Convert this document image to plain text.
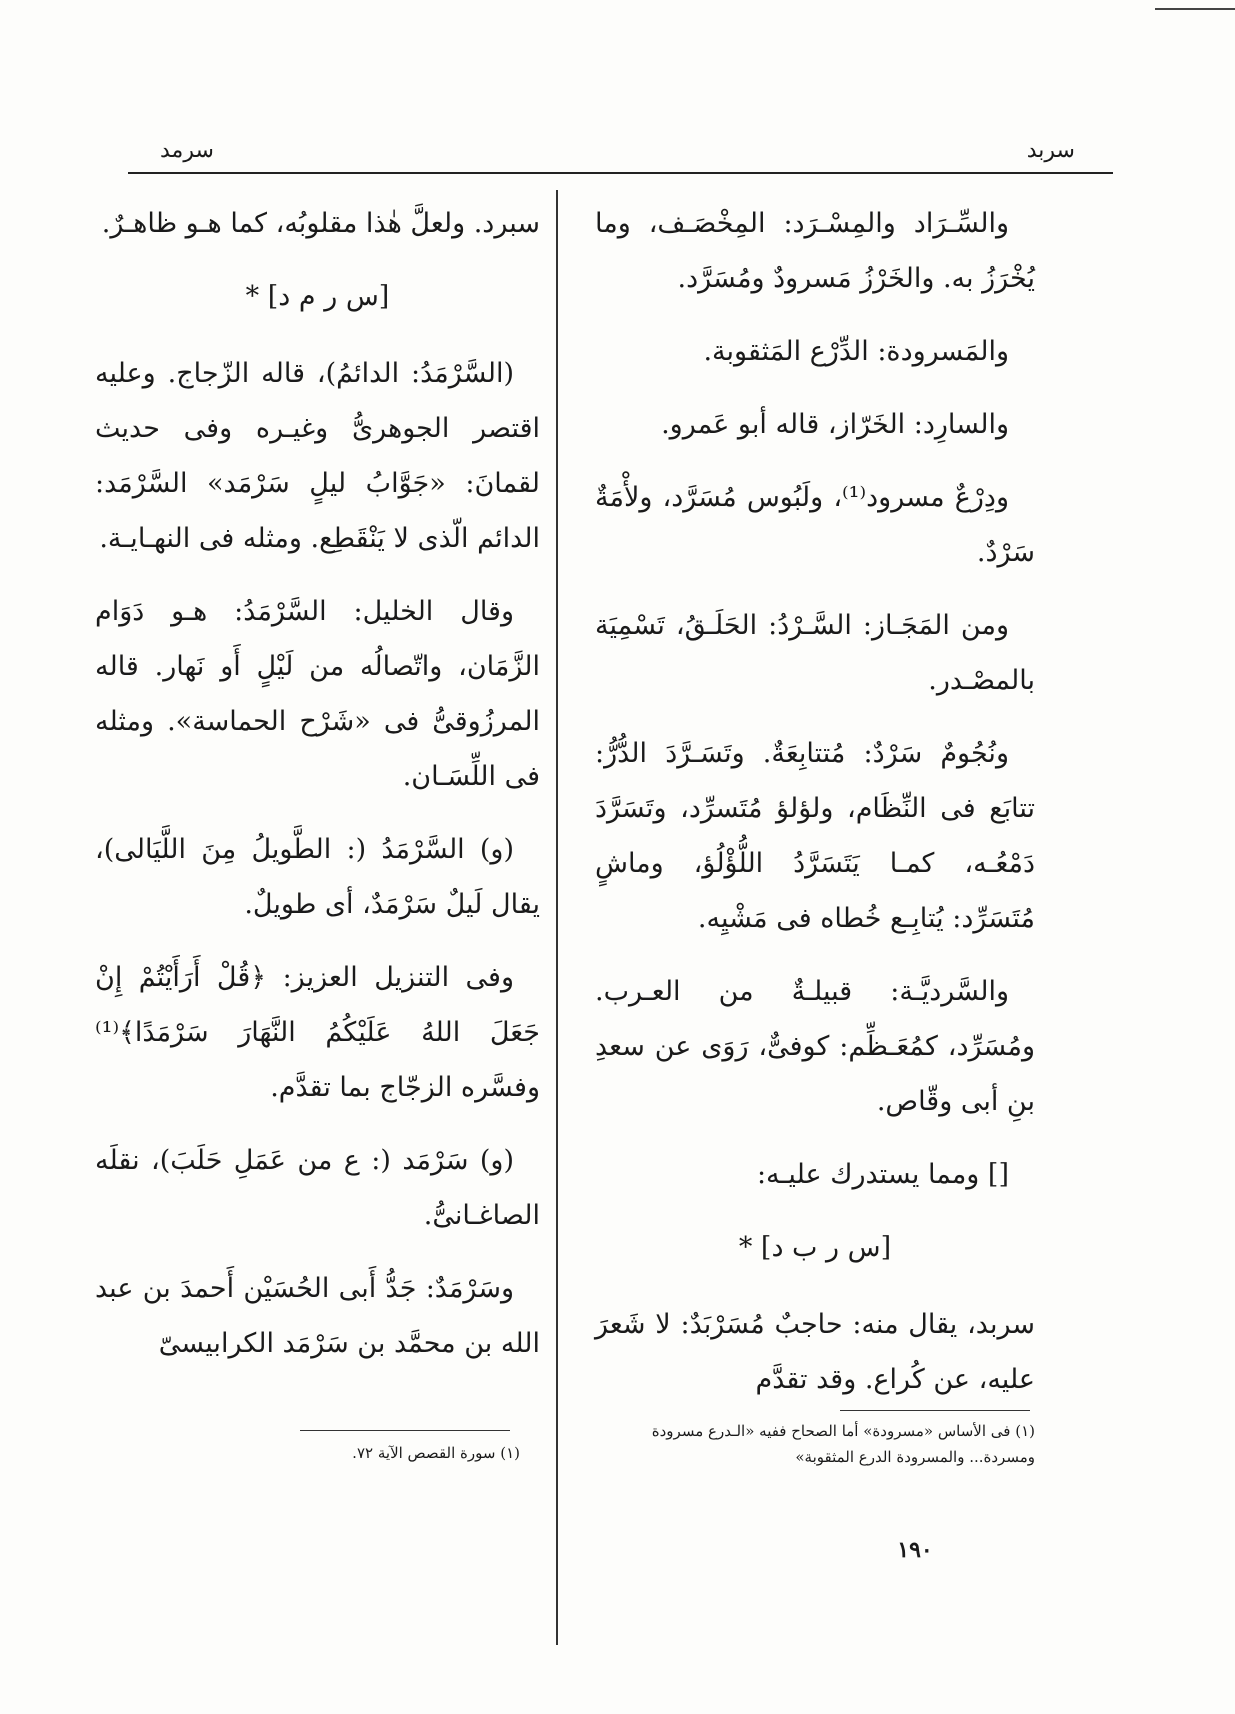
سربد
سرمد

والسِّـرَاد والمِسْـرَد: المِخْصَـف، وما يُخْرَزُ به. والخَرْزُ مَسرودٌ ومُسَرَّد.

والمَسرودة: الدِّرْع المَثقوبة.

والسارِد: الخَرّاز، قاله أبو عَمرو.

ودِرْعٌ مسرود⁽¹⁾، ولَبُوس مُسَرَّد، ولأْمَةٌ سَرْدٌ.

ومن المَجَـاز: السَّـرْدُ: الحَلَـقُ، تَسْمِيَة بالمصْـدر.

ونُجُومٌ سَرْدٌ: مُتتابِعَةٌ. وتَسَـرَّدَ الدُّرُّ: تتابَع فى النِّظَام، ولؤلؤ مُتَسرِّد، وتَسَرَّدَ دَمْعُـه، كمـا يَتَسَرَّدُ اللُّؤْلُؤ، وماشٍ مُتَسَرِّد: يُتابِـع خُطاه فى مَشْيِه.

والسَّرديَّـة: قبيلـةٌ من العـرب. ومُسَرِّد، كمُعَـظِّم: كوفىٌّ، رَوَى عن سعدِ بنِ أبى وقّاص.

[] ومما يستدرك عليـه:

[س ر ب د] *

سربد، يقال منه: حاجبٌ مُسَرْبَدٌ: لا شَعرَ عليه، عن كُراع. وقد تقدَّم

سبرد. ولعلَّ هٰذا مقلوبُه، كما هـو ظاهـرٌ.

[س ر م د] *

(السَّرْمَدُ: الدائمُ)، قاله الزّجاج. وعليه اقتصر الجوهرىُّ وغيـره وفى حديث لقمانَ: «جَوَّابُ ليلٍ سَرْمَد» السَّرْمَد: الدائم الّذى لا يَنْقَطِع. ومثله فى النهـايـة.

وقال الخليل: السَّرْمَدُ: هـو دَوَام الزَّمَان، واتّصالُه من لَيْلٍ أَو نَهار. قاله المرزُوقىُّ فى «شَرْح الحماسة». ومثله فى اللِّسَـان.

(و) السَّرْمَدُ (: الطَّويلُ مِنَ اللَّيَالى)، يقال لَيلٌ سَرْمَدٌ، أى طويلٌ.

وفى التنزيل العزيز: ﴿قُلْ أَرَأَيْتُمْ إِنْ جَعَلَ اللهُ عَلَيْكُمُ النَّهَارَ سَرْمَدًا﴾⁽¹⁾ وفسَّره الزجّاج بما تقدَّم.

(و) سَرْمَد (: ع من عَمَلِ حَلَبَ)، نقلَه الصاغـانىُّ.

وسَرْمَدٌ: جَدُّ أَبى الحُسَيْن أَحمدَ بن عبد الله بن محمَّد بن سَرْمَد الكرابيسىّ

(١) فى الأساس «مسرودة» أما الصحاح ففيه «الـدرع مسرودة ومسردة... والمسرودة الدرع المثقوبة»
(١) سورة القصص الآية ٧٢.
١٩٠
